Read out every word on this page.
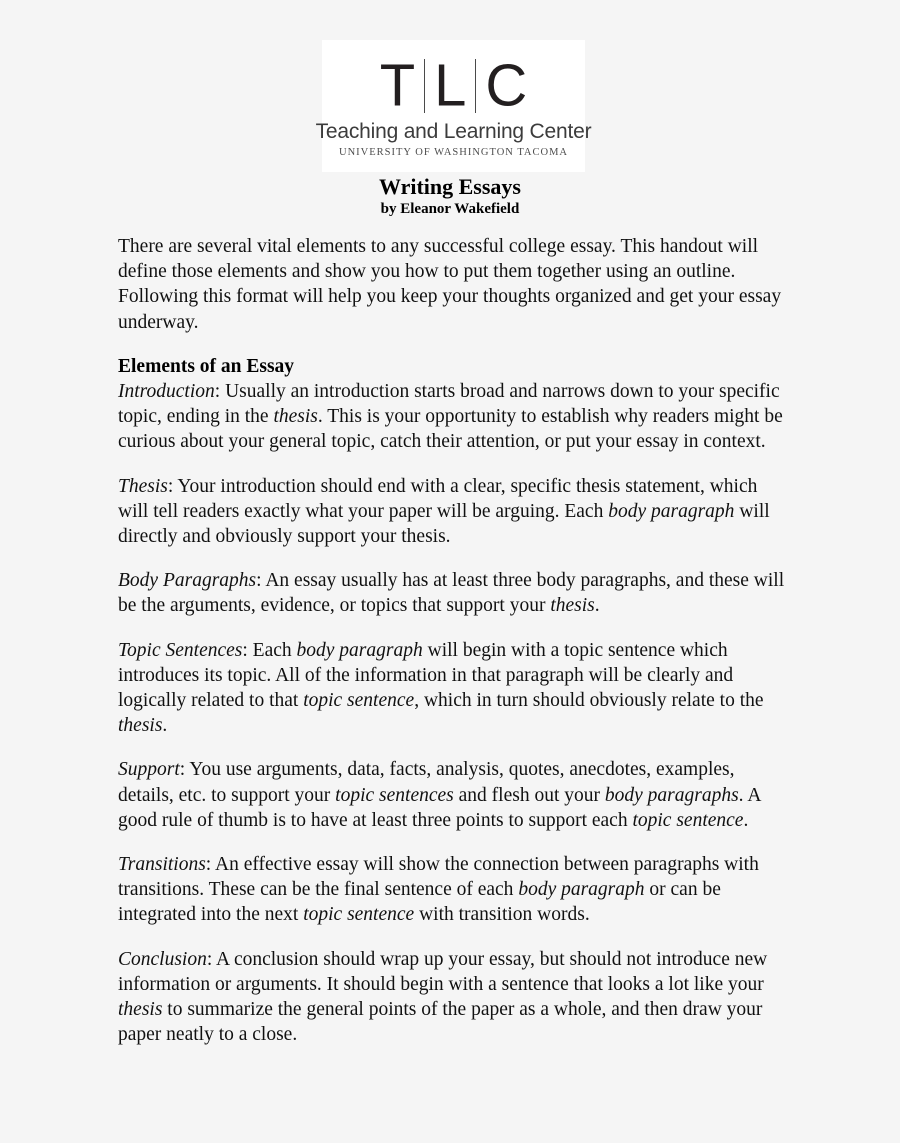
T L C
Teaching and Learning Center
UNIVERSITY OF WASHINGTON TACOMA
Writing Essays
by Eleanor Wakefield

There are several vital elements to any successful college essay. This handout will define those elements and show you how to put them together using an outline. Following this format will help you keep your thoughts organized and get your essay underway.

Elements of an Essay

Introduction: Usually an introduction starts broad and narrows down to your specific topic, ending in the thesis. This is your opportunity to establish why readers might be curious about your general topic, catch their attention, or put your essay in context.

Thesis: Your introduction should end with a clear, specific thesis statement, which will tell readers exactly what your paper will be arguing. Each body paragraph will directly and obviously support your thesis.

Body Paragraphs: An essay usually has at least three body paragraphs, and these will be the arguments, evidence, or topics that support your thesis.

Topic Sentences: Each body paragraph will begin with a topic sentence which introduces its topic. All of the information in that paragraph will be clearly and logically related to that topic sentence, which in turn should obviously relate to the thesis.

Support: You use arguments, data, facts, analysis, quotes, anecdotes, examples, details, etc. to support your topic sentences and flesh out your body paragraphs. A good rule of thumb is to have at least three points to support each topic sentence.

Transitions: An effective essay will show the connection between paragraphs with transitions. These can be the final sentence of each body paragraph or can be integrated into the next topic sentence with transition words.

Conclusion: A conclusion should wrap up your essay, but should not introduce new information or arguments. It should begin with a sentence that looks a lot like your thesis to summarize the general points of the paper as a whole, and then draw your paper neatly to a close.
